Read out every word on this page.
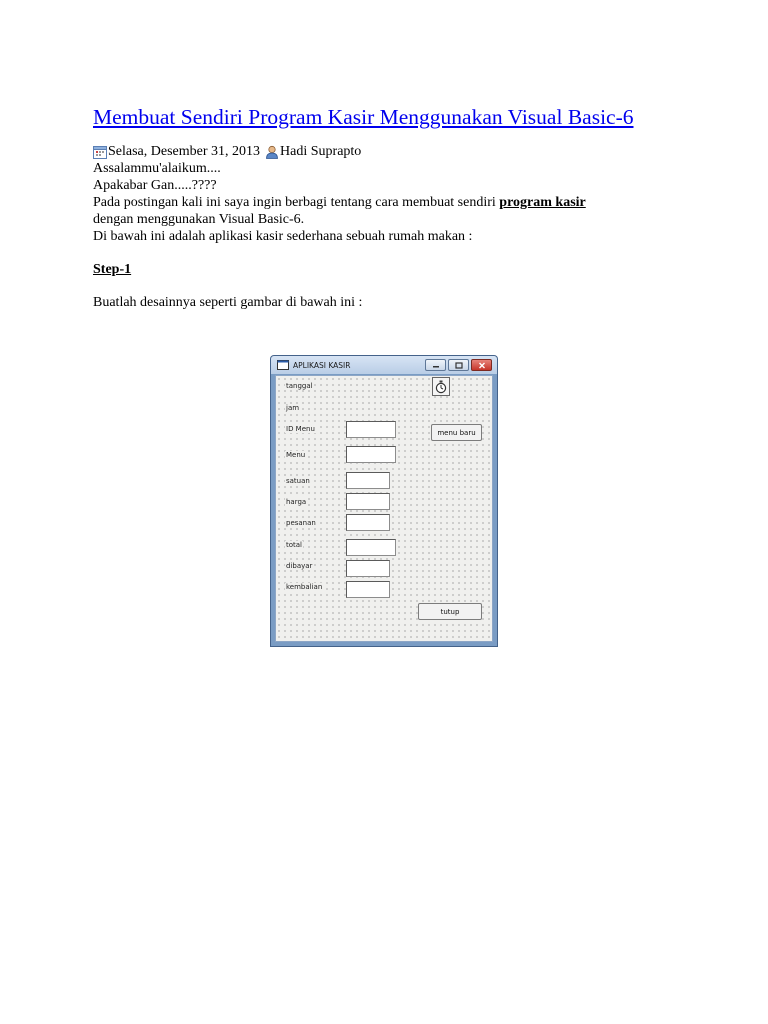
Membuat Sendiri Program Kasir Menggunakan Visual Basic-6
Selasa, Desember 31, 2013 Hadi Suprapto
Assalammu'alaikum....
Apakabar Gan.....????
Pada postingan kali ini saya ingin berbagi tentang cara membuat sendiri program kasir
dengan menggunakan Visual Basic-6.
Di bawah ini adalah aplikasi kasir sederhana sebuah rumah makan :
Step-1
Buatlah desainnya seperti gambar di bawah ini :
APLIKASI KASIR
tanggal
jam
ID Menu
Menu
satuan
harga
pesanan
total
dibayar
kembalian
menu baru
tutup
